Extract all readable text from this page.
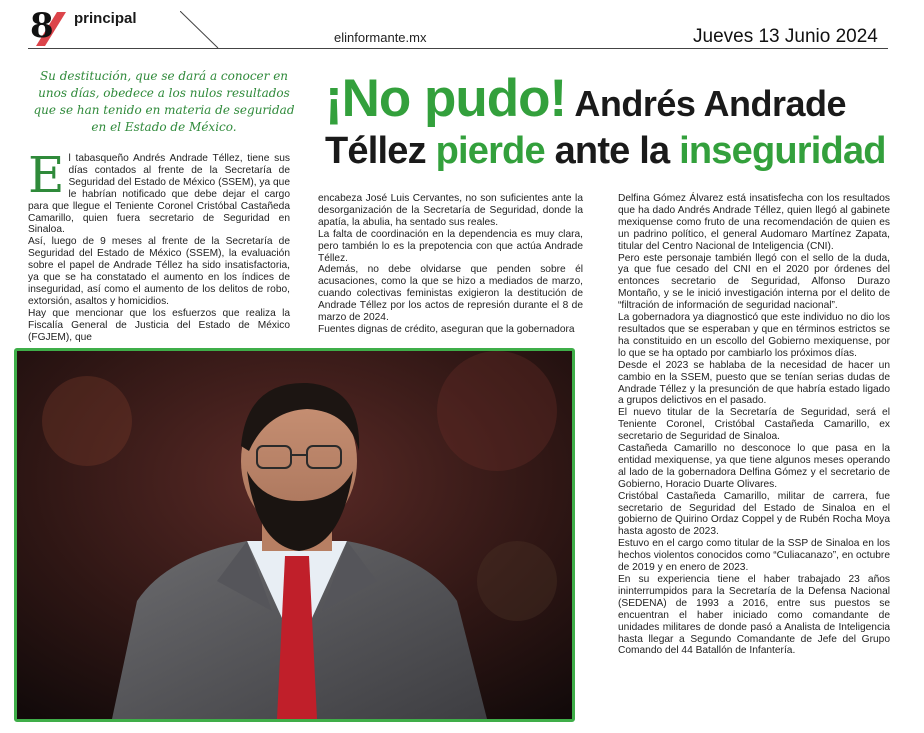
8 principal
elinformante.mx	Jueves 13 Junio 2024
Su destitución, que se dará a conocer en unos días, obedece a los nulos resultados que se han tenido en materia de seguridad en el Estado de México.	¡No pudo! Andrés Andrade
Téllez pierde ante la inseguridad

El tabasqueño Andrés Andrade Téllez, tiene sus días contados al frente de la Secretaría de Seguridad del Estado de México (SSEM), ya que le habrían notificado que debe dejar el cargo para que llegue el Teniente Coronel Cristóbal Castañeda Camarillo, quien fuera secretario de Seguridad en Sinaloa.

Así, luego de 9 meses al frente de la Secretaría de Seguridad del Estado de México (SSEM), la evaluación sobre el papel de Andrade Téllez ha sido insatisfactoria, ya que se ha constatado el aumento en los índices de inseguridad, así como el aumento de los delitos de robo, extorsión, asaltos y homicidios.

Hay que mencionar que los esfuerzos que realiza la Fiscalía General de Justicia del Estado de México (FGJEM), que

encabeza José Luis Cervantes, no son suficientes ante la desorganización de la Secretaría de Seguridad, donde la apatía, la abulia, ha sentado sus reales.

La falta de coordinación en la dependencia es muy clara, pero también lo es la prepotencia con que actúa Andrade Téllez.

Además, no debe olvidarse que penden sobre él acusaciones, como la que se hizo a mediados de marzo, cuando colectivas feministas exigieron la destitución de Andrade Téllez por los actos de represión durante el 8 de marzo de 2024.

Fuentes dignas de crédito, aseguran que la gobernadora

Delfina Gómez Álvarez está insatisfecha con los resultados que ha dado Andrés Andrade Téllez, quien llegó al gabinete mexiquense como fruto de una recomendación de quien es un padrino político, el general Audomaro Martínez Zapata, titular del Centro Nacional de Inteligencia (CNI).

Pero este personaje también llegó con el sello de la duda, ya que fue cesado del CNI en el 2020 por órdenes del entonces secretario de Seguridad, Alfonso Durazo Montaño, y se le inició investigación interna por el delito de “filtración de información de seguridad nacional”.

La gobernadora ya diagnosticó que este individuo no dio los resultados que se esperaban y que en términos estrictos se ha constituido en un escollo del Gobierno mexiquense, por lo que se ha optado por cambiarlo los próximos días.

Desde el 2023 se hablaba de la necesidad de hacer un cambio en la SSEM, puesto que se tenían serias dudas de Andrade Téllez y la presunción de que habría estado ligado a grupos delictivos en el pasado.

El nuevo titular de la Secretaría de Seguridad, será el Teniente Coronel, Cristóbal Castañeda Camarillo, ex secretario de Seguridad de Sinaloa.

Castañeda Camarillo no desconoce lo que pasa en la entidad mexiquense, ya que tiene algunos meses operando al lado de la gobernadora Delfina Gómez y el secretario de Gobierno, Horacio Duarte Olivares.

Cristóbal Castañeda Camarillo, militar de carrera, fue secretario de Seguridad del Estado de Sinaloa en el gobierno de Quirino Ordaz Coppel y de Rubén Rocha Moya hasta agosto de 2023.

Estuvo en el cargo como titular de la SSP de Sinaloa en los hechos violentos conocidos como “Culiacanazo”, en octubre de 2019 y en enero de 2023.

En su experiencia tiene el haber trabajado 23 años ininterrumpidos para la Secretaría de la Defensa Nacional (SEDENA) de 1993 a 2016, entre sus puestos se encuentran el haber iniciado como comandante de unidades militares de donde pasó a Analista de Inteligencia hasta llegar a Segundo Comandante de Jefe del Grupo Comando del 44 Batallón de Infantería.
